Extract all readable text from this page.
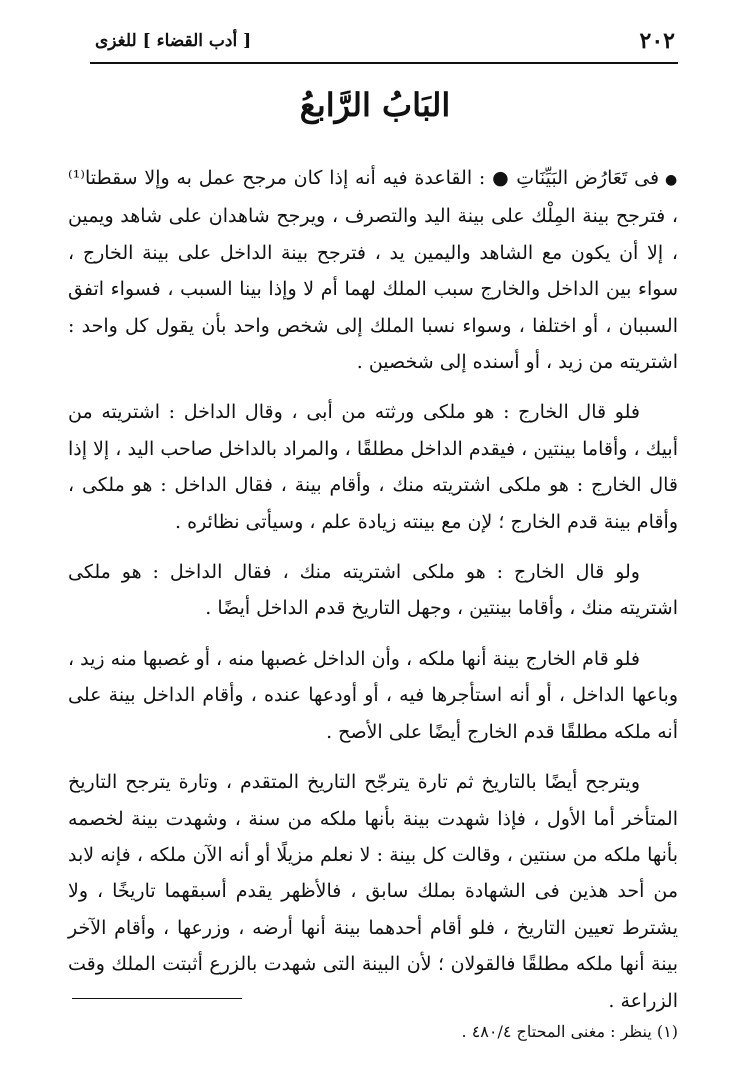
٢٠٢
[ أدب القضاء ] للغزى
البَابُ الرَّابعُ

●فى تَعَارُض البَيِّنَاتِ ● : القاعدة فيه أنه إذا كان مرجح عمل به وإلا سقطتا⁽¹⁾ ، فترجح بينة المِلْك على بينة اليد والتصرف ، ويرجح شاهدان على شاهد ويمين ، إلا أن يكون مع الشاهد واليمين يد ، فترجح بينة الداخل على بينة الخارج ، سواء بين الداخل والخارج سبب الملك لهما أم لا وإذا بينا السبب ، فسواء اتفق السببان ، أو اختلفا ، وسواء نسبا الملك إلى شخص واحد بأن يقول كل واحد : اشتريته من زيد ، أو أسنده إلى شخصين .

فلو قال الخارج : هو ملكى ورثته من أبى ، وقال الداخل : اشتريته من أبيك ، وأقاما بينتين ، فيقدم الداخل مطلقًا ، والمراد بالداخل صاحب اليد ، إلا إذا قال الخارج : هو ملكى اشتريته منك ، وأقام بينة ، فقال الداخل : هو ملكى ، وأقام بينة قدم الخارج ؛ لإن مع بينته زيادة علم ، وسيأتى نظائره .

ولو قال الخارج : هو ملكى اشتريته منك ، فقال الداخل : هو ملكى اشتريته منك ، وأقاما بينتين ، وجهل التاريخ قدم الداخل أيضًا .

فلو قام الخارج بينة أنها ملكه ، وأن الداخل غصبها منه ، أو غصبها منه زيد ، وباعها الداخل ، أو أنه استأجرها فيه ، أو أودعها عنده ، وأقام الداخل بينة على أنه ملكه مطلقًا قدم الخارج أيضًا على الأصح .

ويترجح أيضًا بالتاريخ ثم تارة يترجّح التاريخ المتقدم ، وتارة يترجح التاريخ المتأخر أما الأول ، فإذا شهدت بينة بأنها ملكه من سنة ، وشهدت بينة لخصمه بأنها ملكه من سنتين ، وقالت كل بينة : لا نعلم مزيلًا أو أنه الآن ملكه ، فإنه لابد من أحد هذين فى الشهادة بملك سابق ، فالأظهر يقدم أسبقهما تاريخًا ، ولا يشترط تعيين التاريخ ، فلو أقام أحدهما بينة أنها أرضه ، وزرعها ، وأقام الآخر بينة أنها ملكه مطلقًا فالقولان ؛ لأن البينة التى شهدت بالزرع أثبتت الملك وقت الزراعة .

(١) ينظر : مغنى المحتاج ٤٨٠/٤ .
